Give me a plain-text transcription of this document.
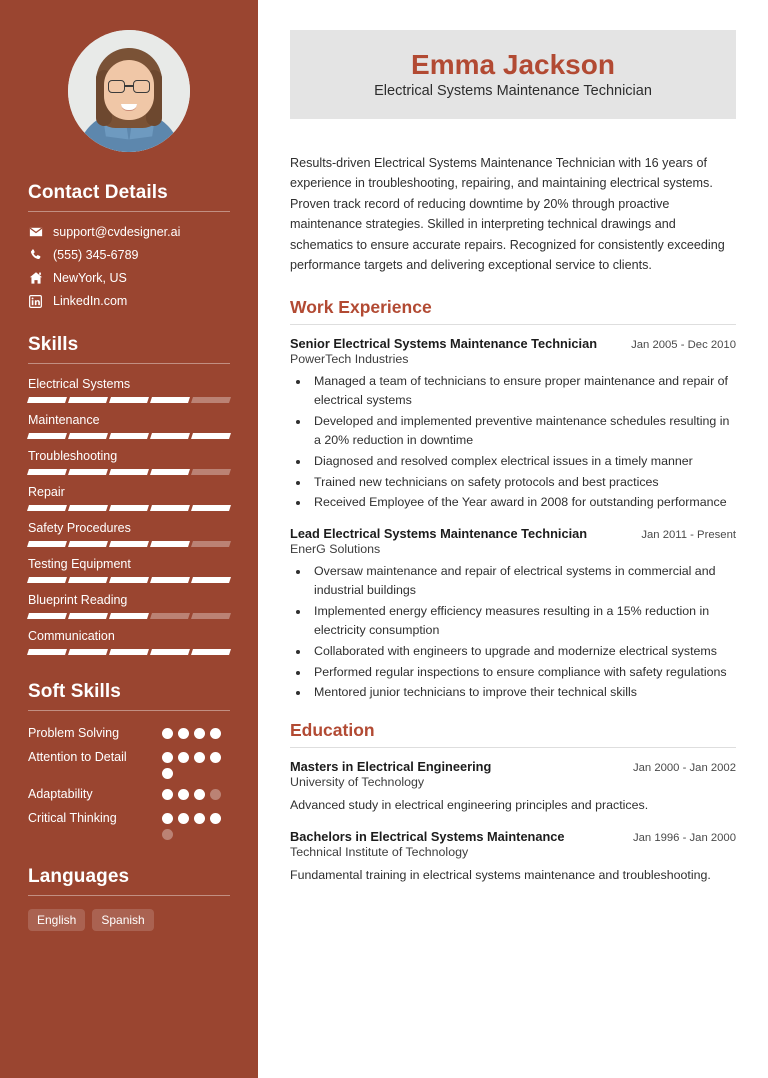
Contact Details
support@cvdesigner.ai
(555) 345-6789
NewYork, US
LinkedIn.com
Skills
Electrical Systems
Maintenance
Troubleshooting
Repair
Safety Procedures
Testing Equipment
Blueprint Reading
Communication
Soft Skills
Problem Solving
Attention to Detail
Adaptability
Critical Thinking
Languages
English	Spanish
Emma Jackson
Electrical Systems Maintenance Technician

Results-driven Electrical Systems Maintenance Technician with 16 years of experience in troubleshooting, repairing, and maintaining electrical systems. Proven track record of reducing downtime by 20% through proactive maintenance strategies. Skilled in interpreting technical drawings and schematics to ensure accurate repairs. Recognized for consistently exceeding performance targets and delivering exceptional service to clients.

Work Experience
Senior Electrical Systems Maintenance Technician	Jan 2005 - Dec 2010
PowerTech Industries
• Managed a team of technicians to ensure proper maintenance and repair of electrical systems
• Developed and implemented preventive maintenance schedules resulting in a 20% reduction in downtime
• Diagnosed and resolved complex electrical issues in a timely manner
• Trained new technicians on safety protocols and best practices
• Received Employee of the Year award in 2008 for outstanding performance
Lead Electrical Systems Maintenance Technician	Jan 2011 - Present
EnerG Solutions
• Oversaw maintenance and repair of electrical systems in commercial and industrial buildings
• Implemented energy efficiency measures resulting in a 15% reduction in electricity consumption
• Collaborated with engineers to upgrade and modernize electrical systems
• Performed regular inspections to ensure compliance with safety regulations
• Mentored junior technicians to improve their technical skills
Education
Masters in Electrical Engineering	Jan 2000 - Jan 2002
University of Technology
Advanced study in electrical engineering principles and practices.
Bachelors in Electrical Systems Maintenance	Jan 1996 - Jan 2000
Technical Institute of Technology
Fundamental training in electrical systems maintenance and troubleshooting.
